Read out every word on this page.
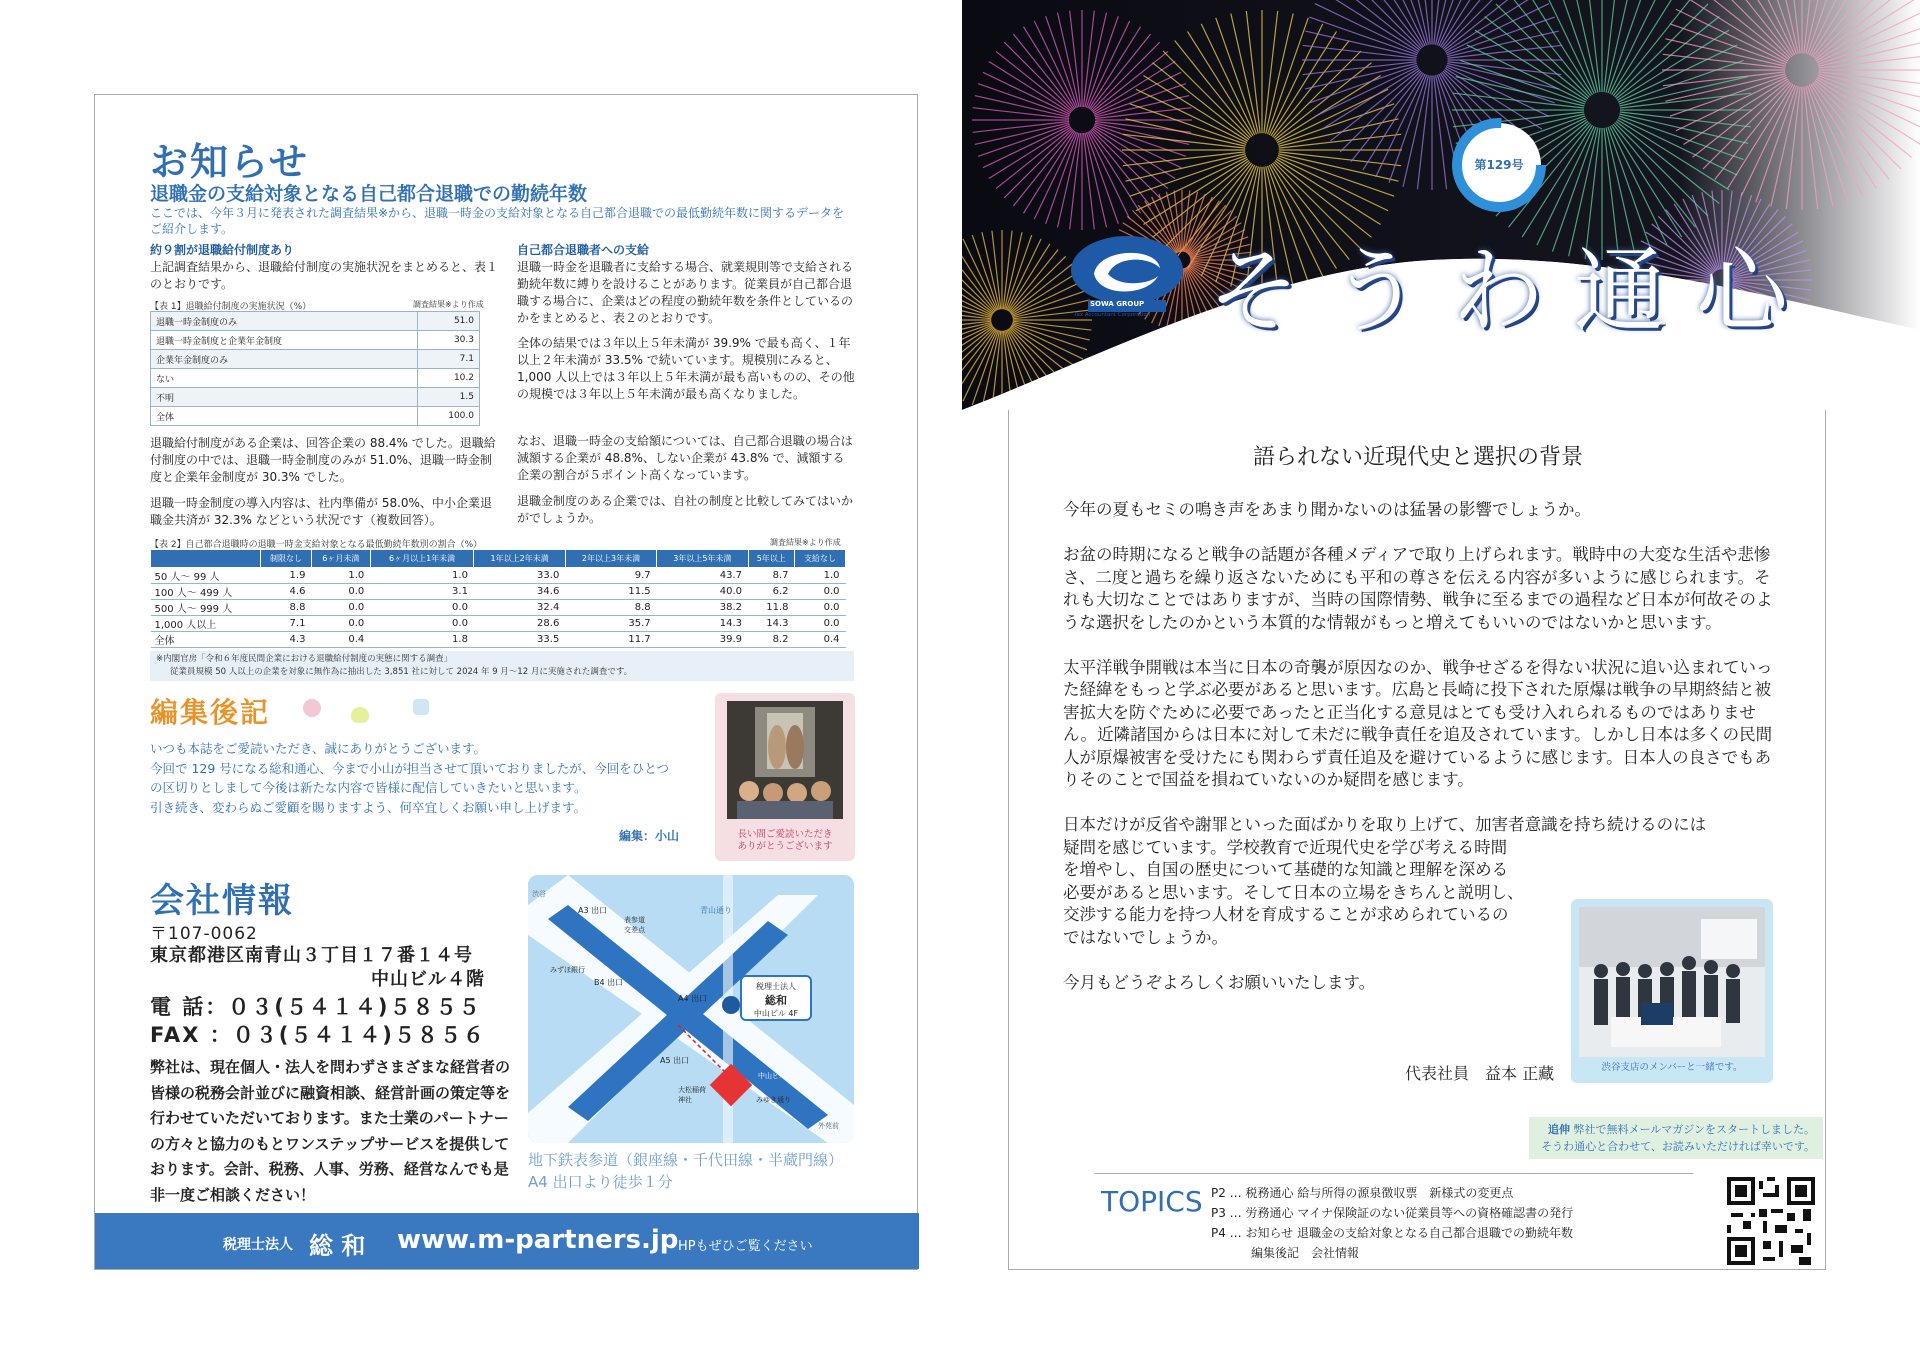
お知らせ
退職金の支給対象となる自己都合退職での勤続年数
ここでは、今年３月に発表された調査結果※から、退職一時金の支給対象となる自己都合退職での最低勤続年数に関するデータをご紹介します。
約９割が退職給付制度あり
上記調査結果から、退職給付制度の実施状況をまとめると、表１のとおりです。
【表 1】退職給付制度の実施状況（%）	調査結果※より作成
退職一時金制度のみ	51.0
退職一時金制度と企業年金制度	30.3
企業年金制度のみ	7.1
ない	10.2
不明	1.5
全体	100.0
退職給付制度がある企業は、回答企業の 88.4% でした。退職給付制度の中では、退職一時金制度のみが 51.0%、退職一時金制度と企業年金制度が 30.3% でした。
退職一時金制度の導入内容は、社内準備が 58.0%、中小企業退職金共済が 32.3% などという状況です（複数回答）。
自己都合退職者への支給
退職一時金を退職者に支給する場合、就業規則等で支給される勤続年数に縛りを設けることがあります。従業員が自己都合退職する場合に、企業はどの程度の勤続年数を条件としているのかをまとめると、表２のとおりです。
全体の結果では３年以上５年未満が 39.9% で最も高く、１年以上２年未満が 33.5% で続いています。規模別にみると、1,000 人以上では３年以上５年未満が最も高いものの、その他の規模では３年以上５年未満が最も高くなりました。
なお、退職一時金の支給額については、自己都合退職の場合は減額する企業が 48.8%、しない企業が 43.8% で、減額する企業の割合が５ポイント高くなっています。
退職金制度のある企業では、自社の制度と比較してみてはいかがでしょうか。
【表 2】自己都合退職時の退職一時金支給対象となる最低勤続年数別の割合（%）	調査結果※より作成
	制限なし	6ヶ月未満	6ヶ月以上1年未満	1年以上2年未満	2年以上3年未満	3年以上5年未満	5年以上	支給なし
50 人～ 99 人	1.9	1.0	1.0	33.0	9.7	43.7	8.7	1.0
100 人～ 499 人	4.6	0.0	3.1	34.6	11.5	40.0	6.2	0.0
500 人～ 999 人	8.8	0.0	0.0	32.4	8.8	38.2	11.8	0.0
1,000 人以上	7.1	0.0	0.0	28.6	35.7	14.3	14.3	0.0
全体	4.3	0.4	1.8	33.5	11.7	39.9	8.2	0.4
※内閣官房「令和６年度民間企業における退職給付制度の実態に関する調査」
従業員規模 50 人以上の企業を対象に無作為に抽出した 3,851 社に対して 2024 年 9 月～12 月に実施された調査です。
編集後記
いつも本誌をご愛読いただき、誠にありがとうございます。
今回で 129 号になる総和通心、今まで小山が担当させて頂いておりましたが、今回をひとつ
の区切りとしまして今後は新たな内容で皆様に配信していきたいと思います。
引き続き、変わらぬご愛顧を賜りますよう、何卒宜しくお願い申し上げます。
編集：小山	長い間ご愛読いただき
ありがとうございます
会社情報
〒107-0062
東京都港区南青山３丁目１７番１４号
中山ビル４階
電 話：０３(５４１４)５８５５
FAX ：０３(５４１４)５８５６
弊社は、現在個人・法人を問わずさまざまな経営者の皆様の税務会計並びに融資相談、経営計画の策定等を行わせていただいております。また士業のパートナーの方々と協力のもとワンステップサービスを提供しております。会計、税務、人事、労務、経営なんでも是非一度ご相談ください！
A3 出口
表参道交差点
青山通り
みずほ銀行
B4 出口
A4 出口
A5 出口
大松稲荷神社	みゆき通り
中山ビル
渋谷
外苑前
税理士法人
総和
中山ビル 4F
地下鉄表参道（銀座線・千代田線・半蔵門線）
A4 出口より徒歩１分
税理士法人 総 和 www.m-partners.jp HPもぜひご覧ください
語られない近現代史と選択の背景

今年の夏もセミの鳴き声をあまり聞かないのは猛暑の影響でしょうか。

お盆の時期になると戦争の話題が各種メディアで取り上げられます。戦時中の大変な生活や悲惨さ、二度と過ちを繰り返さないためにも平和の尊さを伝える内容が多いように感じられます。それも大切なことではありますが、当時の国際情勢、戦争に至るまでの過程など日本が何故そのような選択をしたのかという本質的な情報がもっと増えてもいいのではないかと思います。

太平洋戦争開戦は本当に日本の奇襲が原因なのか、戦争せざるを得ない状況に追い込まれていった経緯をもっと学ぶ必要があると思います。広島と長崎に投下された原爆は戦争の早期終結と被害拡大を防ぐために必要であったと正当化する意見はとても受け入れられるものではありません。近隣諸国からは日本に対して未だに戦争責任を追及されています。しかし日本は多くの民間人が原爆被害を受けたにも関わらず責任追及を避けているように感じます。日本人の良さでもありそのことで国益を損ねていないのか疑問を感じます。

日本だけが反省や謝罪といった面ばかりを取り上げて、加害者意識を持ち続けるのには
疑問を感じています。学校教育で近現代史を学び考える時間
を増やし、自国の歴史について基礎的な知識と理解を深める
必要があると思います。そして日本の立場をきちんと説明し、
交渉する能力を持つ人材を育成することが求められているの
ではないでしょうか。

今月もどうぞよろしくお願いいたします。

代表社員　益本 正藏	渋谷支店のメンバーと一緒です。
追伸 弊社で無料メールマガジンをスタートしました。
そうわ通心と合わせて、お読みいただければ幸いです。
TOPICS P2 … 税務通心 給与所得の源泉徴収票　新様式の変更点
P3 … 労務通心 マイナ保険証のない従業員等への資格確認書の発行
P4 … お知らせ 退職金の支給対象となる自己都合退職での勤続年数
編集後記　会社情報
第129号
SOWA GROUP
Tax Accountant Corporation そうわ通心
